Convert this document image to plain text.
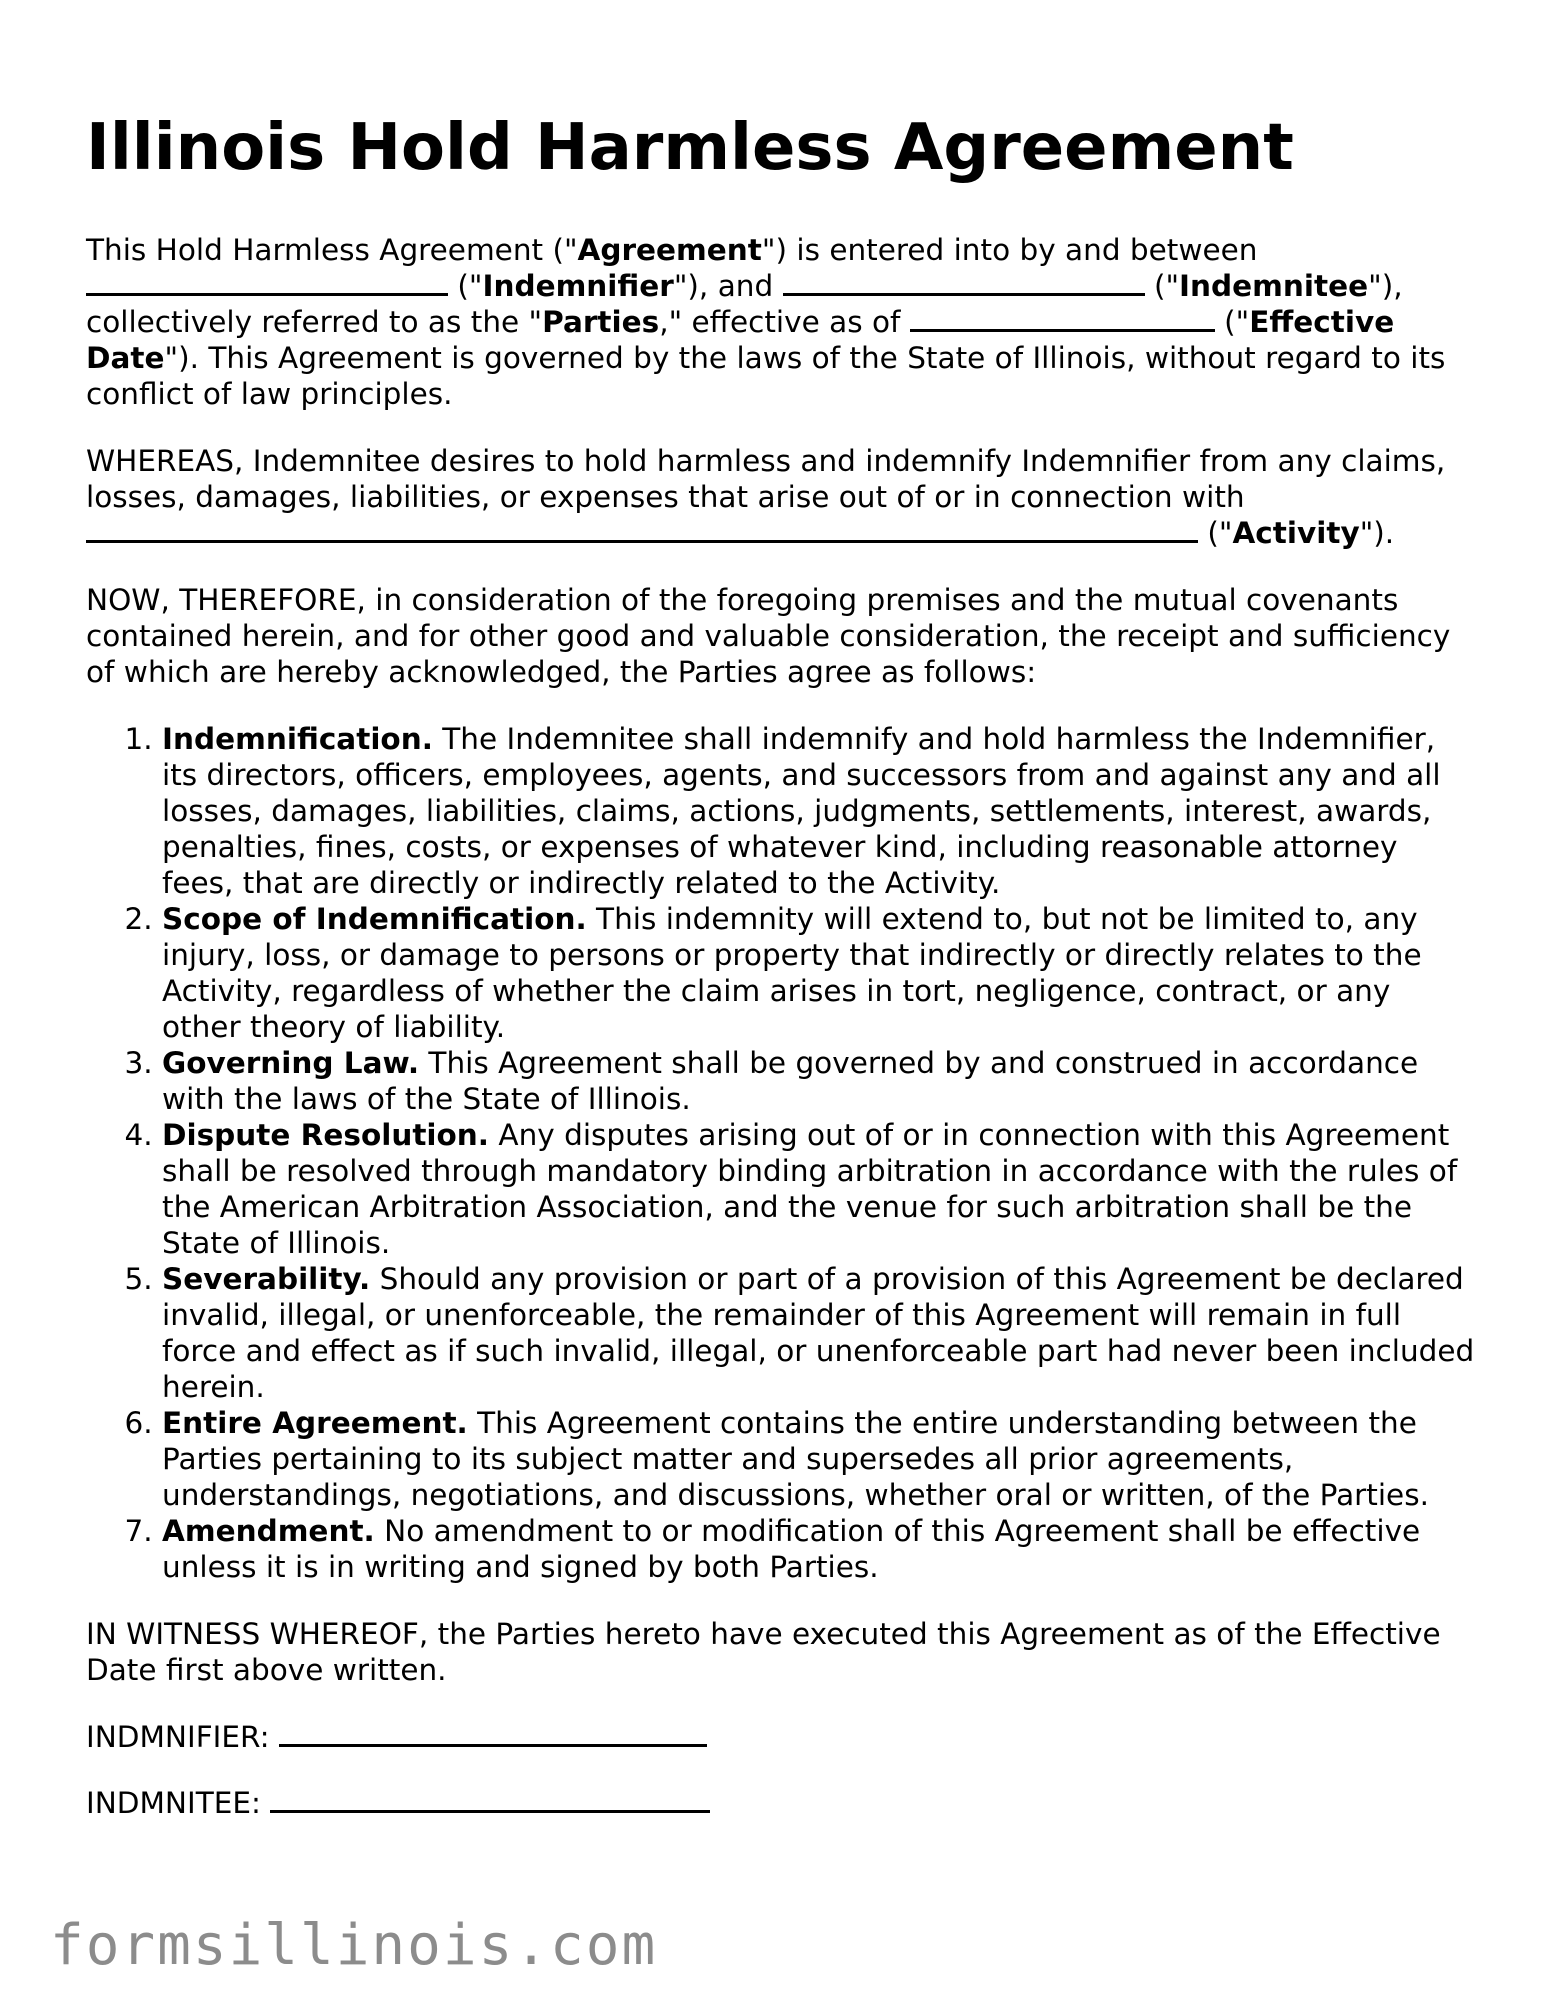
Illinois Hold Harmless Agreement

This Hold Harmless Agreement ("Agreement") is entered into by and between  ("Indemnifier"), and	("Indemnitee"), collectively referred to as the "Parties," effective as of	("Effective Date"). This Agreement is governed by the laws of the State of Illinois, without regard to its conflict of law principles.

WHEREAS, Indemnitee desires to hold harmless and indemnify Indemnifier from any claims, losses, damages, liabilities, or expenses that arise out of or in connection with  ("Activity").

NOW, THEREFORE, in consideration of the foregoing premises and the mutual covenants contained herein, and for other good and valuable consideration, the receipt and sufficiency of which are hereby acknowledged, the Parties agree as follows:

1. Indemnification. The Indemnitee shall indemnify and hold harmless the Indemnifier, its directors, officers, employees, agents, and successors from and against any and all losses, damages, liabilities, claims, actions, judgments, settlements, interest, awards, penalties, fines, costs, or expenses of whatever kind, including reasonable attorney fees, that are directly or indirectly related to the Activity.
2. Scope of Indemnification. This indemnity will extend to, but not be limited to, any injury, loss, or damage to persons or property that indirectly or directly relates to the Activity, regardless of whether the claim arises in tort, negligence, contract, or any other theory of liability.
3. Governing Law. This Agreement shall be governed by and construed in accordance with the laws of the State of Illinois.
4. Dispute Resolution. Any disputes arising out of or in connection with this Agreement shall be resolved through mandatory binding arbitration in accordance with the rules of the American Arbitration Association, and the venue for such arbitration shall be the State of Illinois.
5. Severability. Should any provision or part of a provision of this Agreement be declared invalid, illegal, or unenforceable, the remainder of this Agreement will remain in full force and effect as if such invalid, illegal, or unenforceable part had never been included herein.
6. Entire Agreement. This Agreement contains the entire understanding between the Parties pertaining to its subject matter and supersedes all prior agreements, understandings, negotiations, and discussions, whether oral or written, of the Parties.
7. Amendment. No amendment to or modification of this Agreement shall be effective unless it is in writing and signed by both Parties.

IN WITNESS WHEREOF, the Parties hereto have executed this Agreement as of the Effective Date first above written.

INDMNIFIER:
INDMNITEE:
formsillinois.com
